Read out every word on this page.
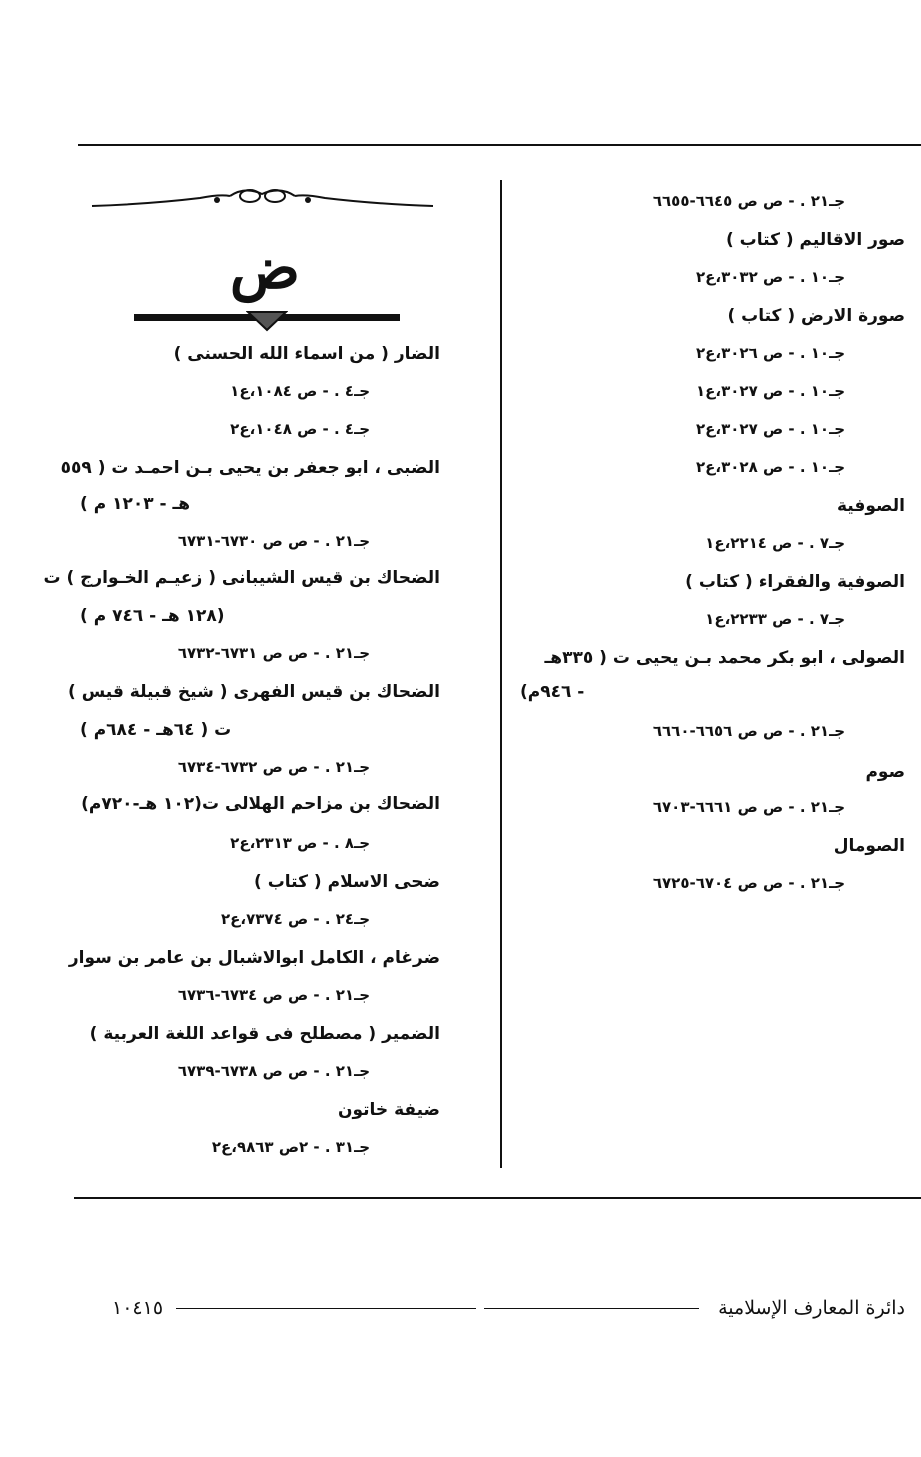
جـ٢١ . - ص ص ٦٦٤٥-٦٦٥٥
صور الاقاليم ( كتاب )
جـ١٠ . - ص ٣٠٣٢،ع٢
صورة الارض ( كتاب )
جـ١٠ . - ص ٣٠٢٦،ع٢
جـ١٠ . - ص ٣٠٢٧،ع١
جـ١٠ . - ص ٣٠٢٧،ع٢
جـ١٠ . - ص ٣٠٢٨،ع٢
الصوفية
جـ٧ . - ص ٢٢١٤،ع١
الصوفية والفقراء ( كتاب )
جـ٧ . - ص ٢٢٣٣،ع١
الصولى ، ابو بكر محمد بـن يحيى ت ( ٣٣٥هـ
- ٩٤٦م)
جـ٢١ . - ص ص ٦٦٥٦-٦٦٦٠
صوم
جـ٢١ . - ص ص ٦٦٦١-٦٧٠٣
الصومال
جـ٢١ . - ص ص ٦٧٠٤-٦٧٢٥
ض
الضار ( من اسماء الله الحسنى )
جـ٤ . - ص ١٠٨٤،ع١
جـ٤ . - ص ١٠٤٨،ع٢
الضبى ، ابو جعفر بن يحيى بـن احمـد ت ( ٥٥٩
هـ - ١٢٠٣ م )
جـ٢١ . - ص ص ٦٧٣٠-٦٧٣١
الضحاك بن قيس الشيبانى ( زعيـم الخـوارج ) ت
(١٢٨ هـ - ٧٤٦ م )
جـ٢١ . - ص ص ٦٧٣١-٦٧٣٢
الضحاك بن قيس الفهرى ( شيخ قبيلة قيس )
ت ( ٦٤هـ - ٦٨٤م )
جـ٢١ . - ص ص ٦٧٣٢-٦٧٣٤
الضحاك بن مزاحم الهلالى ت(١٠٢ هـ-٧٢٠م)
جـ٨ . - ص ٢٣١٣،ع٢
ضحى الاسلام ( كتاب )
جـ٢٤ . - ص ٧٣٧٤،ع٢
ضرغام ، الكامل ابوالاشبال بن عامر بن سوار
جـ٢١ . - ص ص ٦٧٣٤-٦٧٣٦
الضمير ( مصطلح فى قواعد اللغة العربية )
جـ٢١ . - ص ص ٦٧٣٨-٦٧٣٩
ضيفة خاتون
جـ٣١ . - ٢ص ٩٨٦٣،ع٢
دائرة المعارف الإسلامية
١٠٤١٥
